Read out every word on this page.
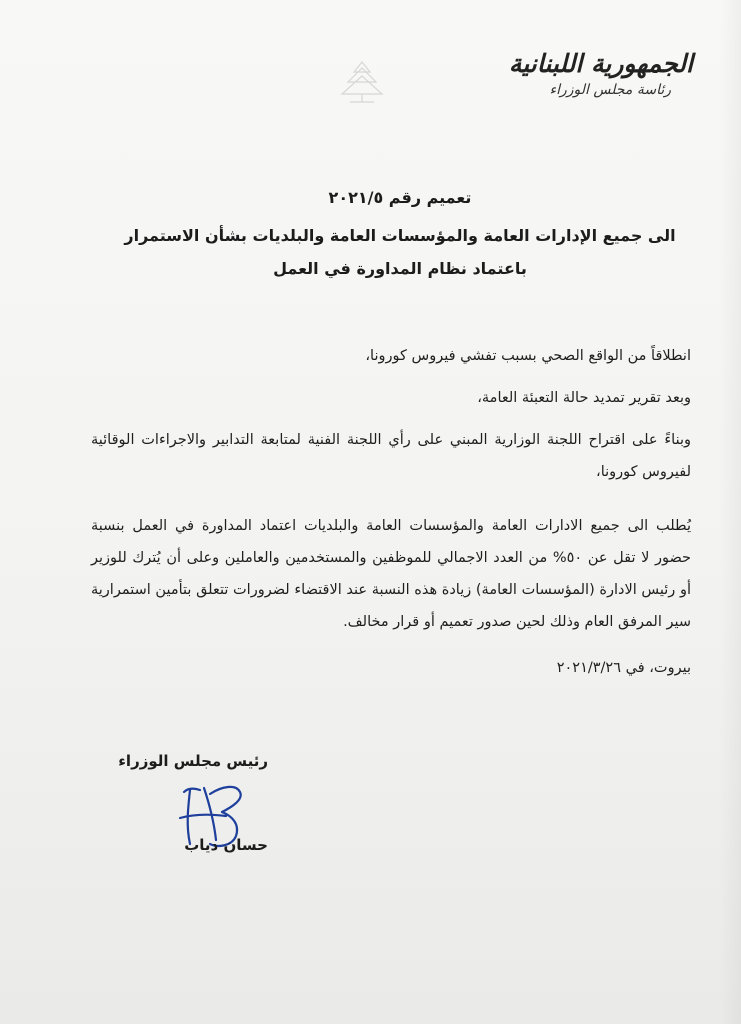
الجمهورية اللبنانية
رئاسة مجلس الوزراء
تعميم رقم ٢٠٢١/٥
الى جميع الإدارات العامة والمؤسسات العامة والبلديات بشأن الاستمرار
باعتماد نظام المداورة في العمل
انطلاقاً من الواقع الصحي بسبب تفشي فيروس كورونا،
وبعد تقرير تمديد حالة التعبئة العامة،
وبناءً على اقتراح اللجنة الوزارية المبني على رأي اللجنة الفنية لمتابعة التدابير والاجراءات الوقائية لفيروس كورونا،
يُطلب الى جميع الادارات العامة والمؤسسات العامة والبلديات اعتماد المداورة في العمل بنسبة حضور لا تقل عن ٥٠% من العدد الاجمالي للموظفين والمستخدمين والعاملين وعلى أن يُترك للوزير أو رئيس الادارة (المؤسسات العامة) زيادة هذه النسبة عند الاقتضاء لضرورات تتعلق بتأمين استمرارية سير المرفق العام وذلك لحين صدور تعميم أو قرار مخالف.
بيروت، في ٢٠٢١/٣/٢٦
رئيس مجلس الوزراء
حسان دياب
